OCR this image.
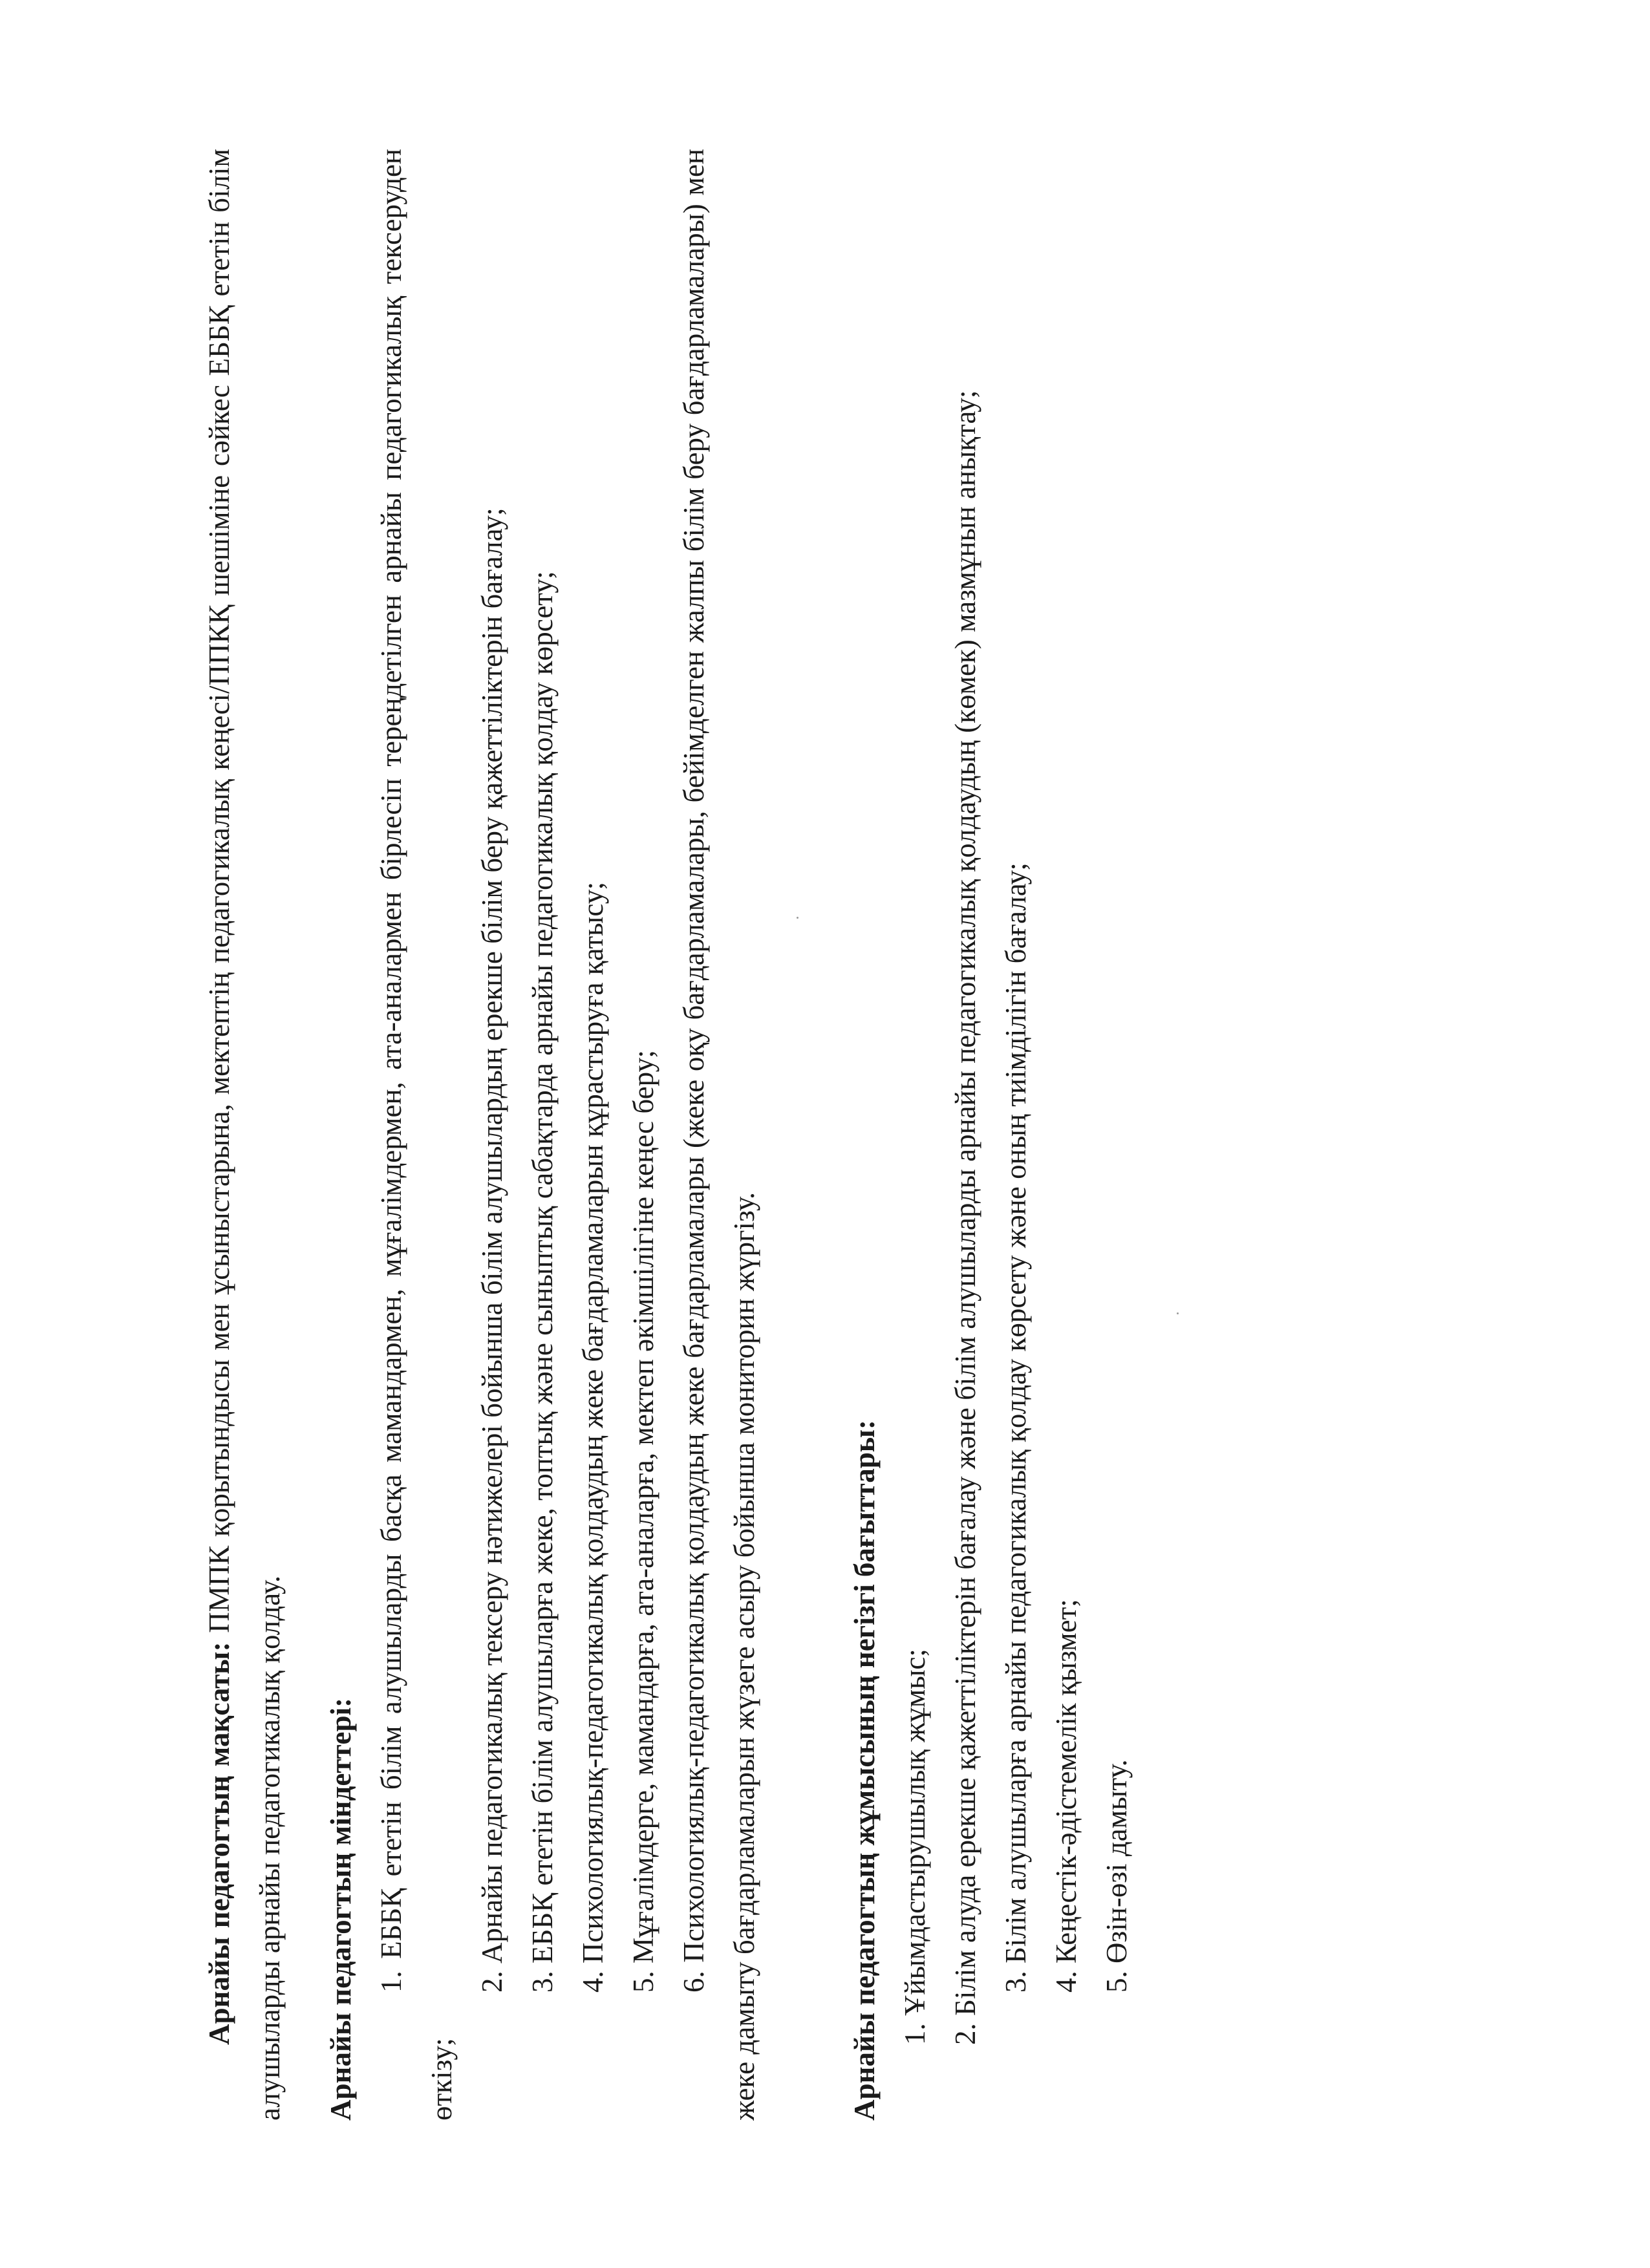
Арнайы педагогтың мақсаты: ПМПК қорытындысы мен ұсыныстарына, мектептің педагогикалық кеңесі/ППКҚ шешіміне сәйкес ЕББҚ ететін білім алушыларды арнайы педагогикалық қолдау.	Арнайы педагогтың міндеттері: 1. ЕББҚ ететін білім алушыларды басқа мамандармен, мұғалімдермен, ата-аналармен бірлесіп тереңдетілген арнайы педагогикалық тексеруден өткізу;

2. Арнайы педагогикалық тексеру нәтижелері бойынша білім алушылардың ерекше білім беру қажеттіліктерін бағалау; 3. ЕББҚ ететін білім алушыларға жеке, топтық және сыныптық сабақтарда арнайы педагогикалық қолдау көрсету; 4. Психологиялық-педагогикалық қолдаудың жеке бағдарламаларын құрастыруға қатысу; 5. Мұғалімдерге, мамандарға, ата-аналарға, мектеп әкімшілігіне кеңес беру; 6. Психологиялық-педагогикалық қолдаудың жеке бағдарламалары (жеке оқу бағдарламалары, бейімделген жалпы білім беру бағдарламалары) мен жеке дамыту бағдарламаларын жүзеге асыру бойынша мониторин жүргізу.	Арнайы педагогтың жұмысының негізгі бағыттары: 1. Ұйымдастырушылық жұмыс; 2. Білім алуда ерекше қажеттіліктерін бағалау және білім алушыларды арнайы педагогикалық қолдаудың (көмек) мазмұнын анықтау; 3. Білім алушыларға арнайы педагогикалық қолдау көрсету және оның тиімділігін бағалау; 4. Кеңестік-әдістемелік қызмет; 5. Өзін-өзі дамыту.
